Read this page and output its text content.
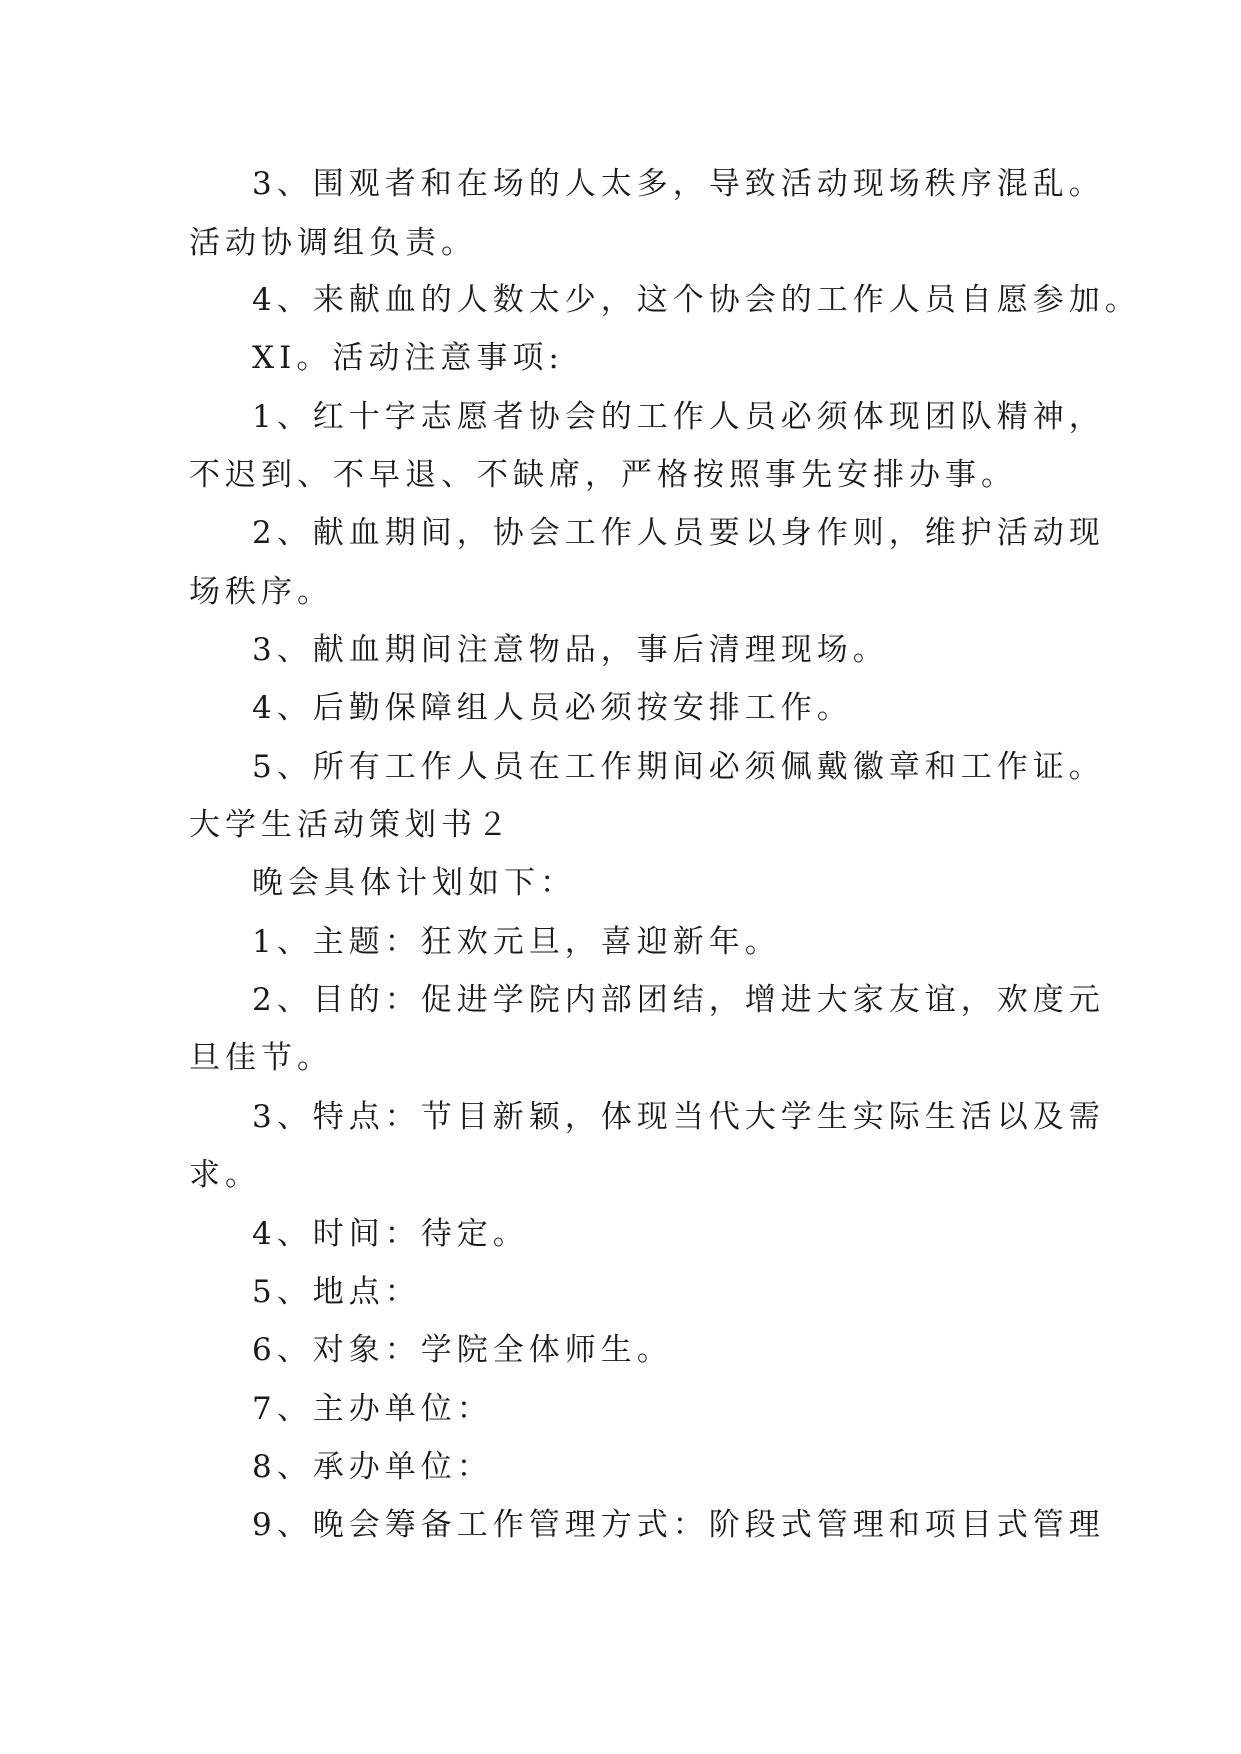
3、围观者和在场的人太多，导致活动现场秩序混乱。

活动协调组负责。

4、来献血的人数太少，这个协会的工作人员自愿参加。

XI。活动注意事项:

1、红十字志愿者协会的工作人员必须体现团队精神，

不迟到、不早退、不缺席，严格按照事先安排办事。

2、献血期间，协会工作人员要以身作则，维护活动现

场秩序。

3、献血期间注意物品，事后清理现场。

4、后勤保障组人员必须按安排工作。

5、所有工作人员在工作期间必须佩戴徽章和工作证。

大学生活动策划书２

晚会具体计划如下：

1、主题：狂欢元旦，喜迎新年。

2、目的：促进学院内部团结，增进大家友谊，欢度元

旦佳节。

3、特点：节目新颖，体现当代大学生实际生活以及需

求。

4、时间：待定。

5、地点：

6、对象：学院全体师生。

7、主办单位：

8、承办单位：

9、晚会筹备工作管理方式：阶段式管理和项目式管理
